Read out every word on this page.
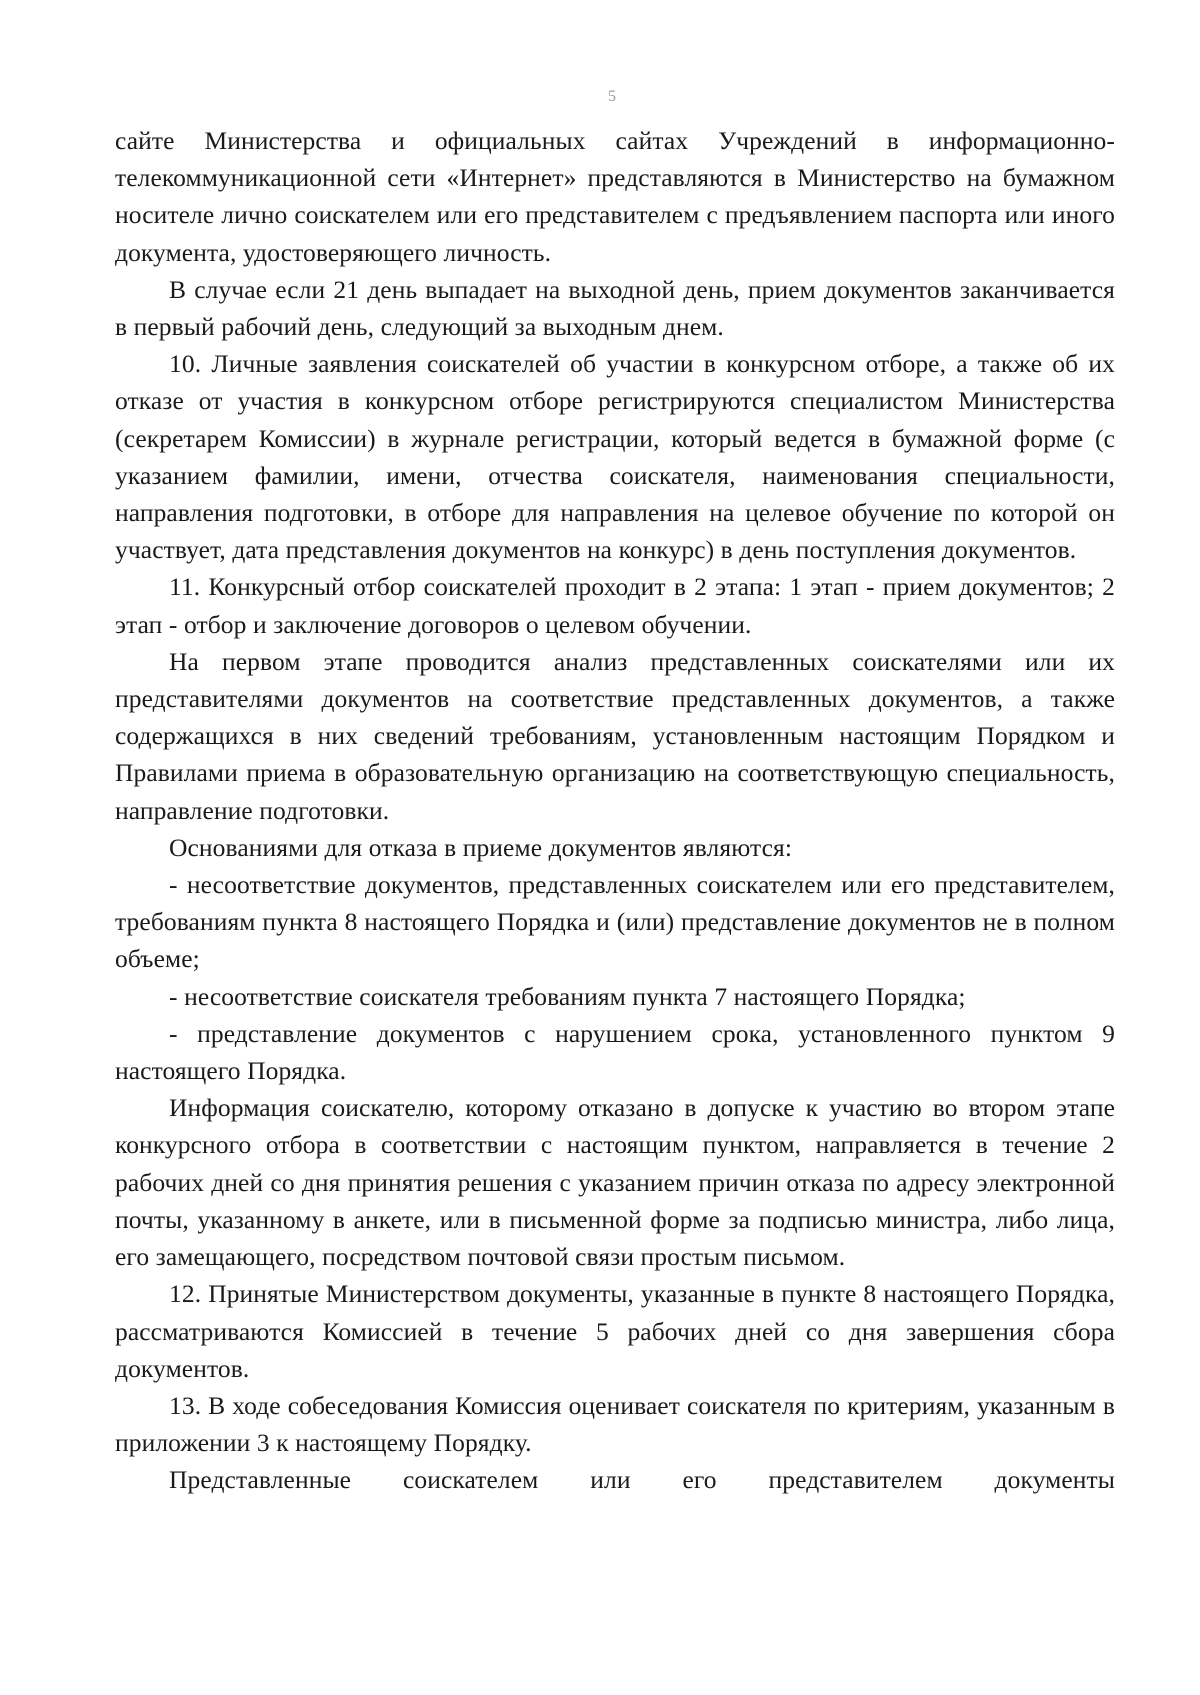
5

сайте Министерства и официальных сайтах Учреждений в информационно-телекоммуникационной сети «Интернет» представляются в Министерство на бумажном носителе лично соискателем или его представителем с предъявлением паспорта или иного документа, удостоверяющего личность.

В случае если 21 день выпадает на выходной день, прием документов заканчивается в первый рабочий день, следующий за выходным днем.

10. Личные заявления соискателей об участии в конкурсном отборе, а также об их отказе от участия в конкурсном отборе регистрируются специалистом Министерства (секретарем Комиссии) в журнале регистрации, который ведется в бумажной форме (с указанием фамилии, имени, отчества соискателя, наименования специальности, направления подготовки, в отборе для направления на целевое обучение по которой он участвует, дата представления документов на конкурс) в день поступления документов.

11. Конкурсный отбор соискателей проходит в 2 этапа: 1 этап - прием документов; 2 этап - отбор и заключение договоров о целевом обучении.

На первом этапе проводится анализ представленных соискателями или их представителями документов на соответствие представленных документов, а также содержащихся в них сведений требованиям, установленным настоящим Порядком и Правилами приема в образовательную организацию на соответствующую специальность, направление подготовки.

Основаниями для отказа в приеме документов являются:

- несоответствие документов, представленных соискателем или его представителем, требованиям пункта 8 настоящего Порядка и (или) представление документов не в полном объеме;

- несоответствие соискателя требованиям пункта 7 настоящего Порядка;

- представление документов с нарушением срока, установленного пунктом 9 настоящего Порядка.

Информация соискателю, которому отказано в допуске к участию во втором этапе конкурсного отбора в соответствии с настоящим пунктом, направляется в течение 2 рабочих дней со дня принятия решения с указанием причин отказа по адресу электронной почты, указанному в анкете, или в письменной форме за подписью министра, либо лица, его замещающего, посредством почтовой связи простым письмом.

12. Принятые Министерством документы, указанные в пункте 8 настоящего Порядка, рассматриваются Комиссией в течение 5 рабочих дней со дня завершения сбора документов.

13. В ходе собеседования Комиссия оценивает соискателя по критериям, указанным в приложении 3 к настоящему Порядку.

Представленные соискателем или его представителем документы
